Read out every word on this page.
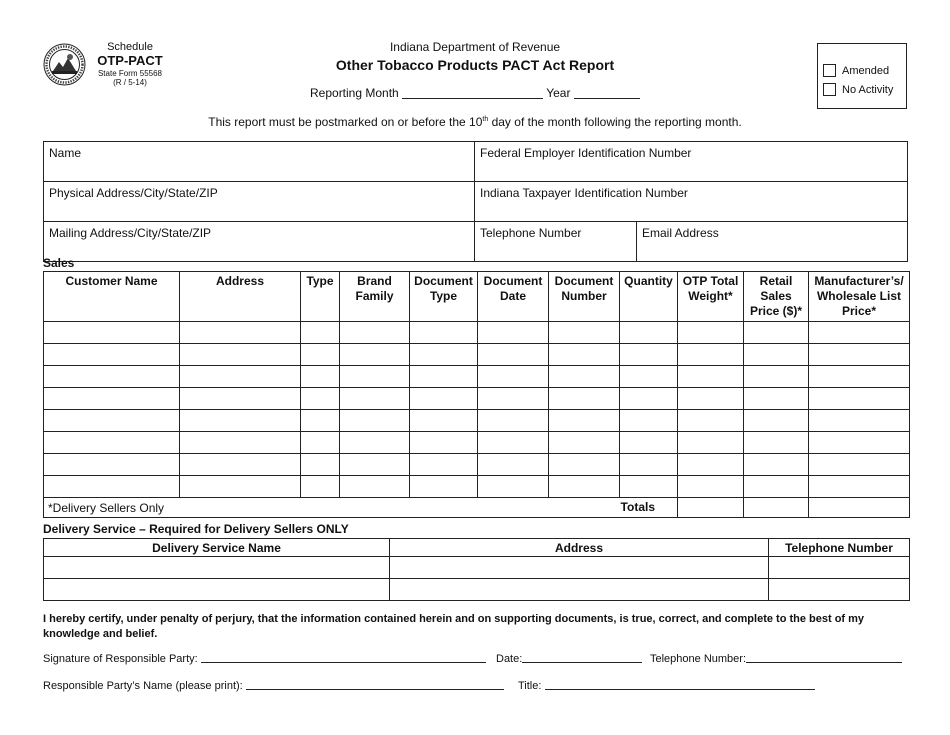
Schedule
OTP-PACT
State Form 55568
(R / 5-14)
Indiana Department of Revenue
Other Tobacco Products PACT Act Report
Reporting Month	Year
Amended
No Activity
This report must be postmarked on or before the 10th day of the month following the reporting month.
Name	Federal Employer Identification Number	
Physical Address/City/State/ZIP	Indiana Taxpayer Identification Number	
Mailing Address/City/State/ZIP	Telephone Number	Email Address
Sales
Customer Name	Address	Type	Brand Family	Document Type	Document Date	Document Number	Quantity	OTP Total Weight*	Retail Sales Price ($)*	Manufacturer’s/ Wholesale List Price*

*Delivery Sellers Only Totals										

Delivery Service – Required for Delivery Sellers ONLY
Delivery Service Name	Address	Telephone Number

I hereby certify, under penalty of perjury, that the information contained herein and on supporting documents, is true, correct, and complete to the best of my knowledge and belief.
Signature of Responsible Party:	Date:	Telephone Number:
Responsible Party’s Name (please print):	Title:
